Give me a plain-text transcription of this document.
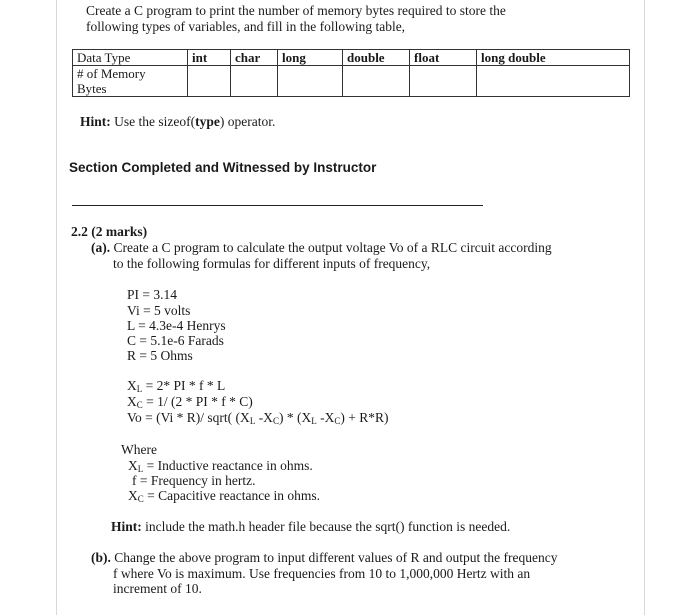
Create a C program to print the number of memory bytes required to store the
following types of variables, and fill in the following table,
Data Type	int	char	long	double	float	long double
# of Memory
Bytes						
Hint: Use the sizeof(type) operator.
Section Completed and Witnessed by Instructor
2.2 (2 marks)
(a). Create a C program to calculate the output voltage Vo of a RLC circuit according
to the following formulas for different inputs of frequency,
PI = 3.14
Vi = 5 volts
L = 4.3e-4 Henrys
C = 5.1e-6 Farads
R = 5 Ohms
$X_L = 2*$ PI * f * L
$X_C = 1/$ (2 * PI * f * C)
Vo = (Vi * R)/ sqrt( ($X_L$ $-X_C) * (X_L$ $-X_C) + R*R$)
Where
$X_L$ = Inductive reactance in ohms.
f = Frequency in hertz.
$X_C$ = Capacitive reactance in ohms.
Hint: include the math.h header file because the sqrt() function is needed.
(b). Change the above program to input different values of R and output the frequency
f where Vo is maximum. Use frequencies from 10 to 1,000,000 Hertz with an
increment of 10.
